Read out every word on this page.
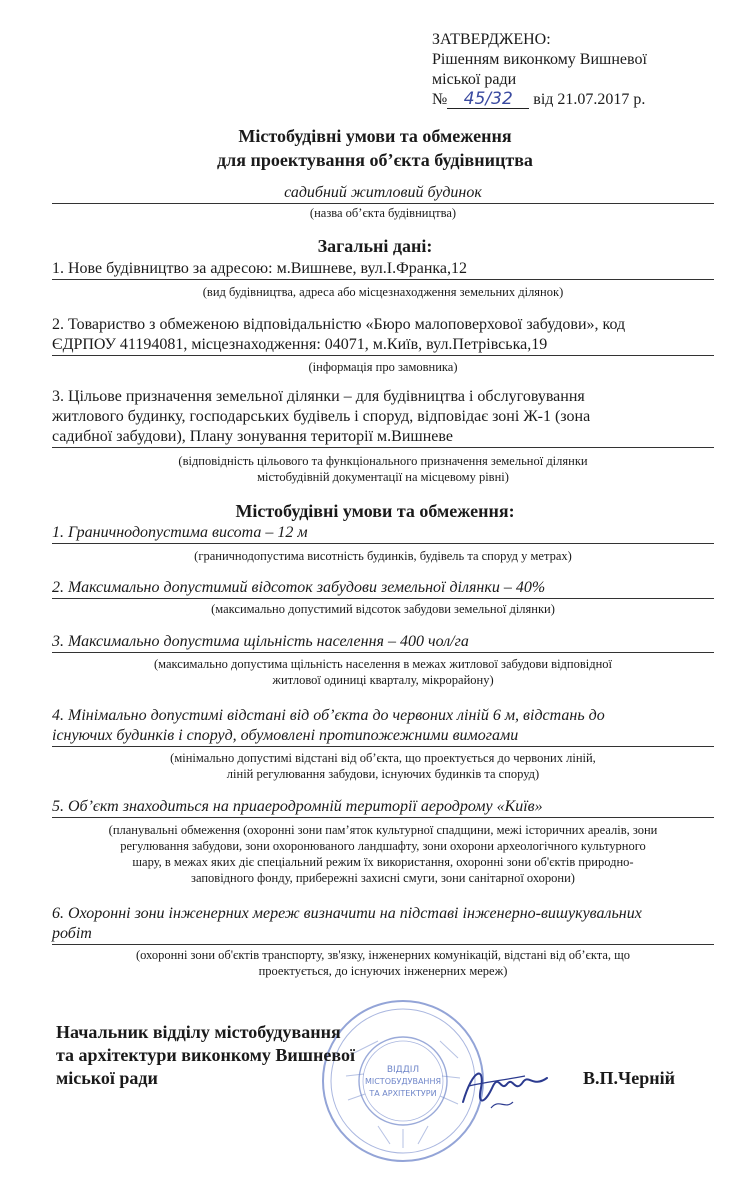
ЗАТВЕРДЖЕНО:
Рішенням виконкому Вишневої
міської ради
№ 45/32 від 21.07.2017 р.
Містобудівні умови та обмеження
для проектування об’єкта будівництва
садибний житловий будинок
(назва об’єкта будівництва)
Загальні дані:
1. Нове будівництво за адресою: м.Вишневе, вул.І.Франка,12
(вид будівництва, адреса або місцезнаходження земельних ділянок)
2. Товариство з обмеженою відповідальністю «Бюро малоповерхової забудови», код
ЄДРПОУ 41194081, місцезнаходження: 04071, м.Київ, вул.Петрівська,19
(інформація про замовника)
3. Цільове призначення земельної ділянки – для будівництва і обслуговування
житлового будинку, господарських будівель і споруд, відповідає зоні Ж-1 (зона
садибної забудови), Плану зонування території м.Вишневе
(відповідність цільового та функціонального призначення земельної ділянки
містобудівній документації на місцевому рівні)
Містобудівні умови та обмеження:
1. Граничнодопустима висота – 12 м
(граничнодопустима висотність будинків, будівель та споруд у метрах)
2. Максимально допустимий відсоток забудови земельної ділянки – 40%
(максимально допустимий відсоток забудови земельної ділянки)
3. Максимально допустима щільність населення – 400 чол/га
(максимально допустима щільність населення в межах житлової забудови відповідної
житлової одиниці кварталу, мікрорайону)
4. Мінімально допустимі відстані від об’єкта до червоних ліній 6 м, відстань до
існуючих будинків і споруд, обумовлені протипожежними вимогами
(мінімально допустимі відстані від об’єкта, що проектується до червоних ліній,
ліній регулювання забудови, існуючих будинків та споруд)
5. Об’єкт знаходиться на приаеродромній території аеродрому «Київ»
(планувальні обмеження (охоронні зони пам’яток культурної спадщини, межі історичних ареалів, зони
регулювання забудови, зони охоронюваного ландшафту, зони охорони археологічного культурного
шару, в межах яких діє спеціальний режим їх використання, охоронні зони об'єктів природно-
заповідного фонду, прибережні захисні смуги, зони санітарної охорони)
6. Охоронні зони інженерних мереж визначити на підставі інженерно-вишукувальних
робіт
(охоронні зони об'єктів транспорту, зв'язку, інженерних комунікацій, відстані від об’єкта, що
проектується, до існуючих інженерних мереж)
ВІДДІЛ
МІСТОБУДУВАННЯ
ТА АРХІТЕКТУРИ
Начальник відділу містобудування
та архітектури виконкому Вишневої
міської ради	В.П.Черній
